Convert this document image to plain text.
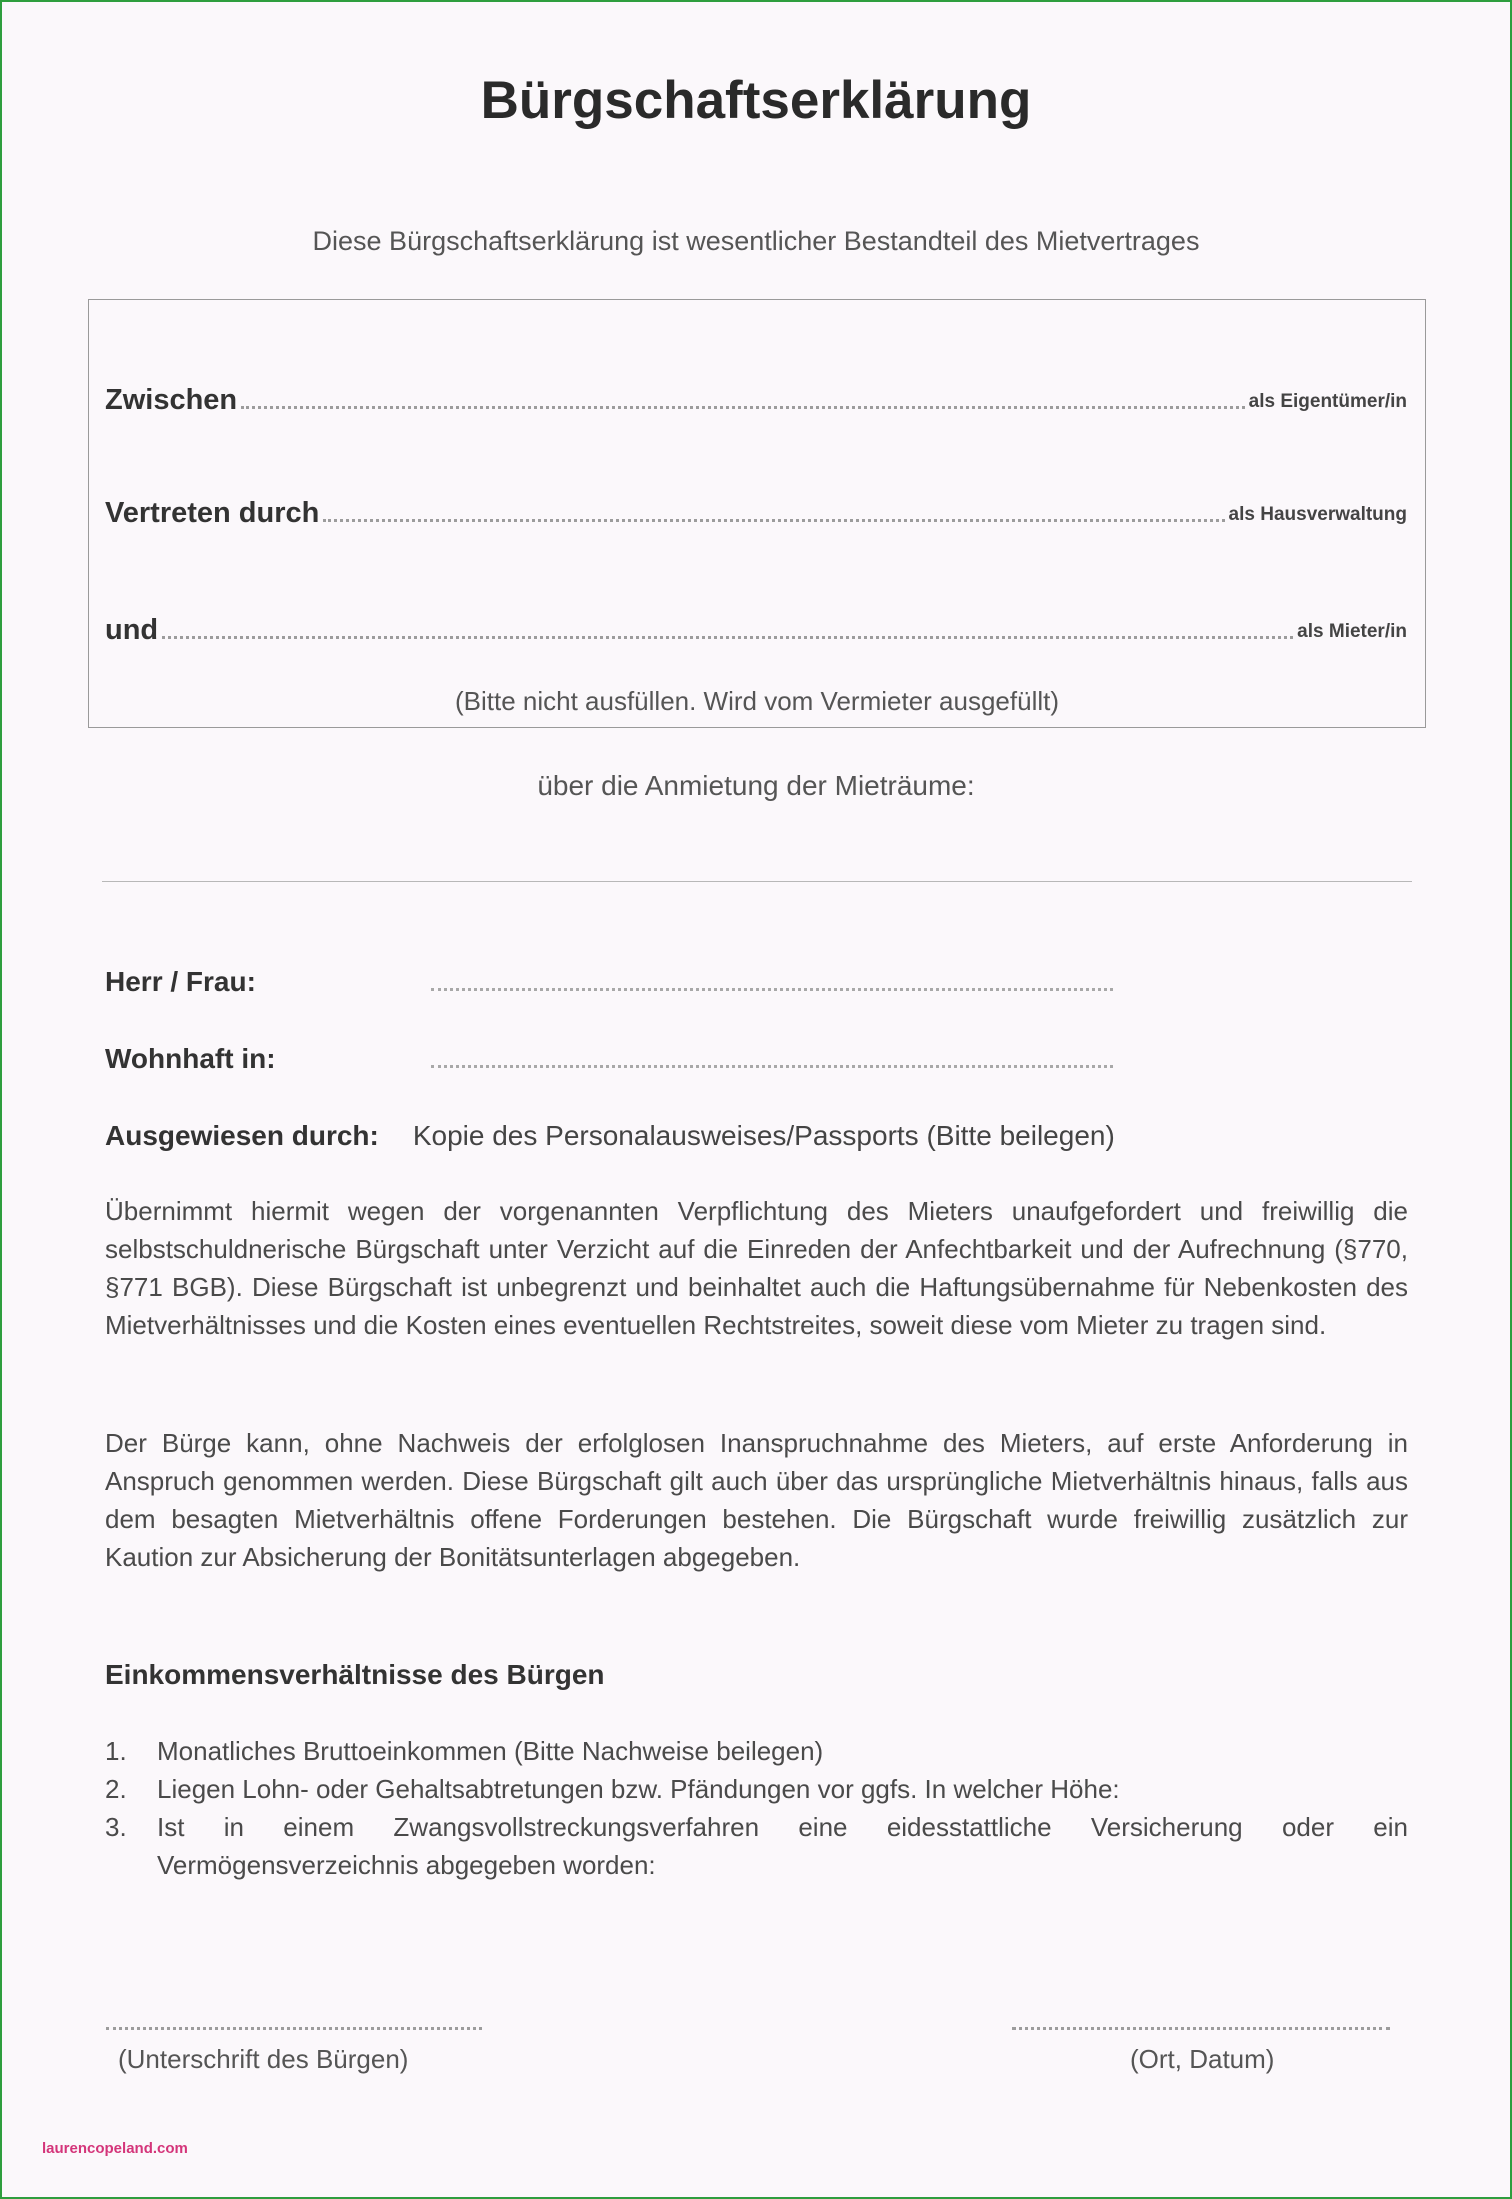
Bürgschaftserklärung
Diese Bürgschaftserklärung ist wesentlicher Bestandteil des Mietvertrages
Zwischen	als Eigentümer/in
Vertreten durch	als Hausverwaltung
und	als Mieter/in
(Bitte nicht ausfüllen. Wird vom Vermieter ausgefüllt)
über die Anmietung der Mieträume:
Herr / Frau:
Wohnhaft in:
Ausgewiesen durch: Kopie des Personalausweises/Passports (Bitte beilegen)
Übernimmt hiermit wegen der vorgenannten Verpflichtung des Mieters unaufgefordert und freiwillig die selbstschuldnerische Bürgschaft unter Verzicht auf die Einreden der Anfechtbarkeit und der Aufrechnung (§770, §771 BGB). Diese Bürgschaft ist unbegrenzt und beinhaltet auch die Haftungsübernahme für Nebenkosten des Mietverhältnisses und die Kosten eines eventuellen Rechtstreites, soweit diese vom Mieter zu tragen sind.
Der Bürge kann, ohne Nachweis der erfolglosen Inanspruchnahme des Mieters, auf erste Anforderung in Anspruch genommen werden. Diese Bürgschaft gilt auch über das ursprüngliche Mietverhältnis hinaus, falls aus dem besagten Mietverhältnis offene Forderungen bestehen. Die Bürgschaft wurde freiwillig zusätzlich zur Kaution zur Absicherung der Bonitätsunterlagen abgegeben.
Einkommensverhältnisse des Bürgen
1.	Monatliches Bruttoeinkommen (Bitte Nachweise beilegen)
2.	Liegen Lohn- oder Gehaltsabtretungen bzw. Pfändungen vor ggfs. In welcher Höhe:
3.	Ist in einem Zwangsvollstreckungsverfahren eine eidesstattliche Versicherung oder ein Vermögensverzeichnis abgegeben worden:
(Unterschrift des Bürgen)	(Ort, Datum)
laurencopeland.com
